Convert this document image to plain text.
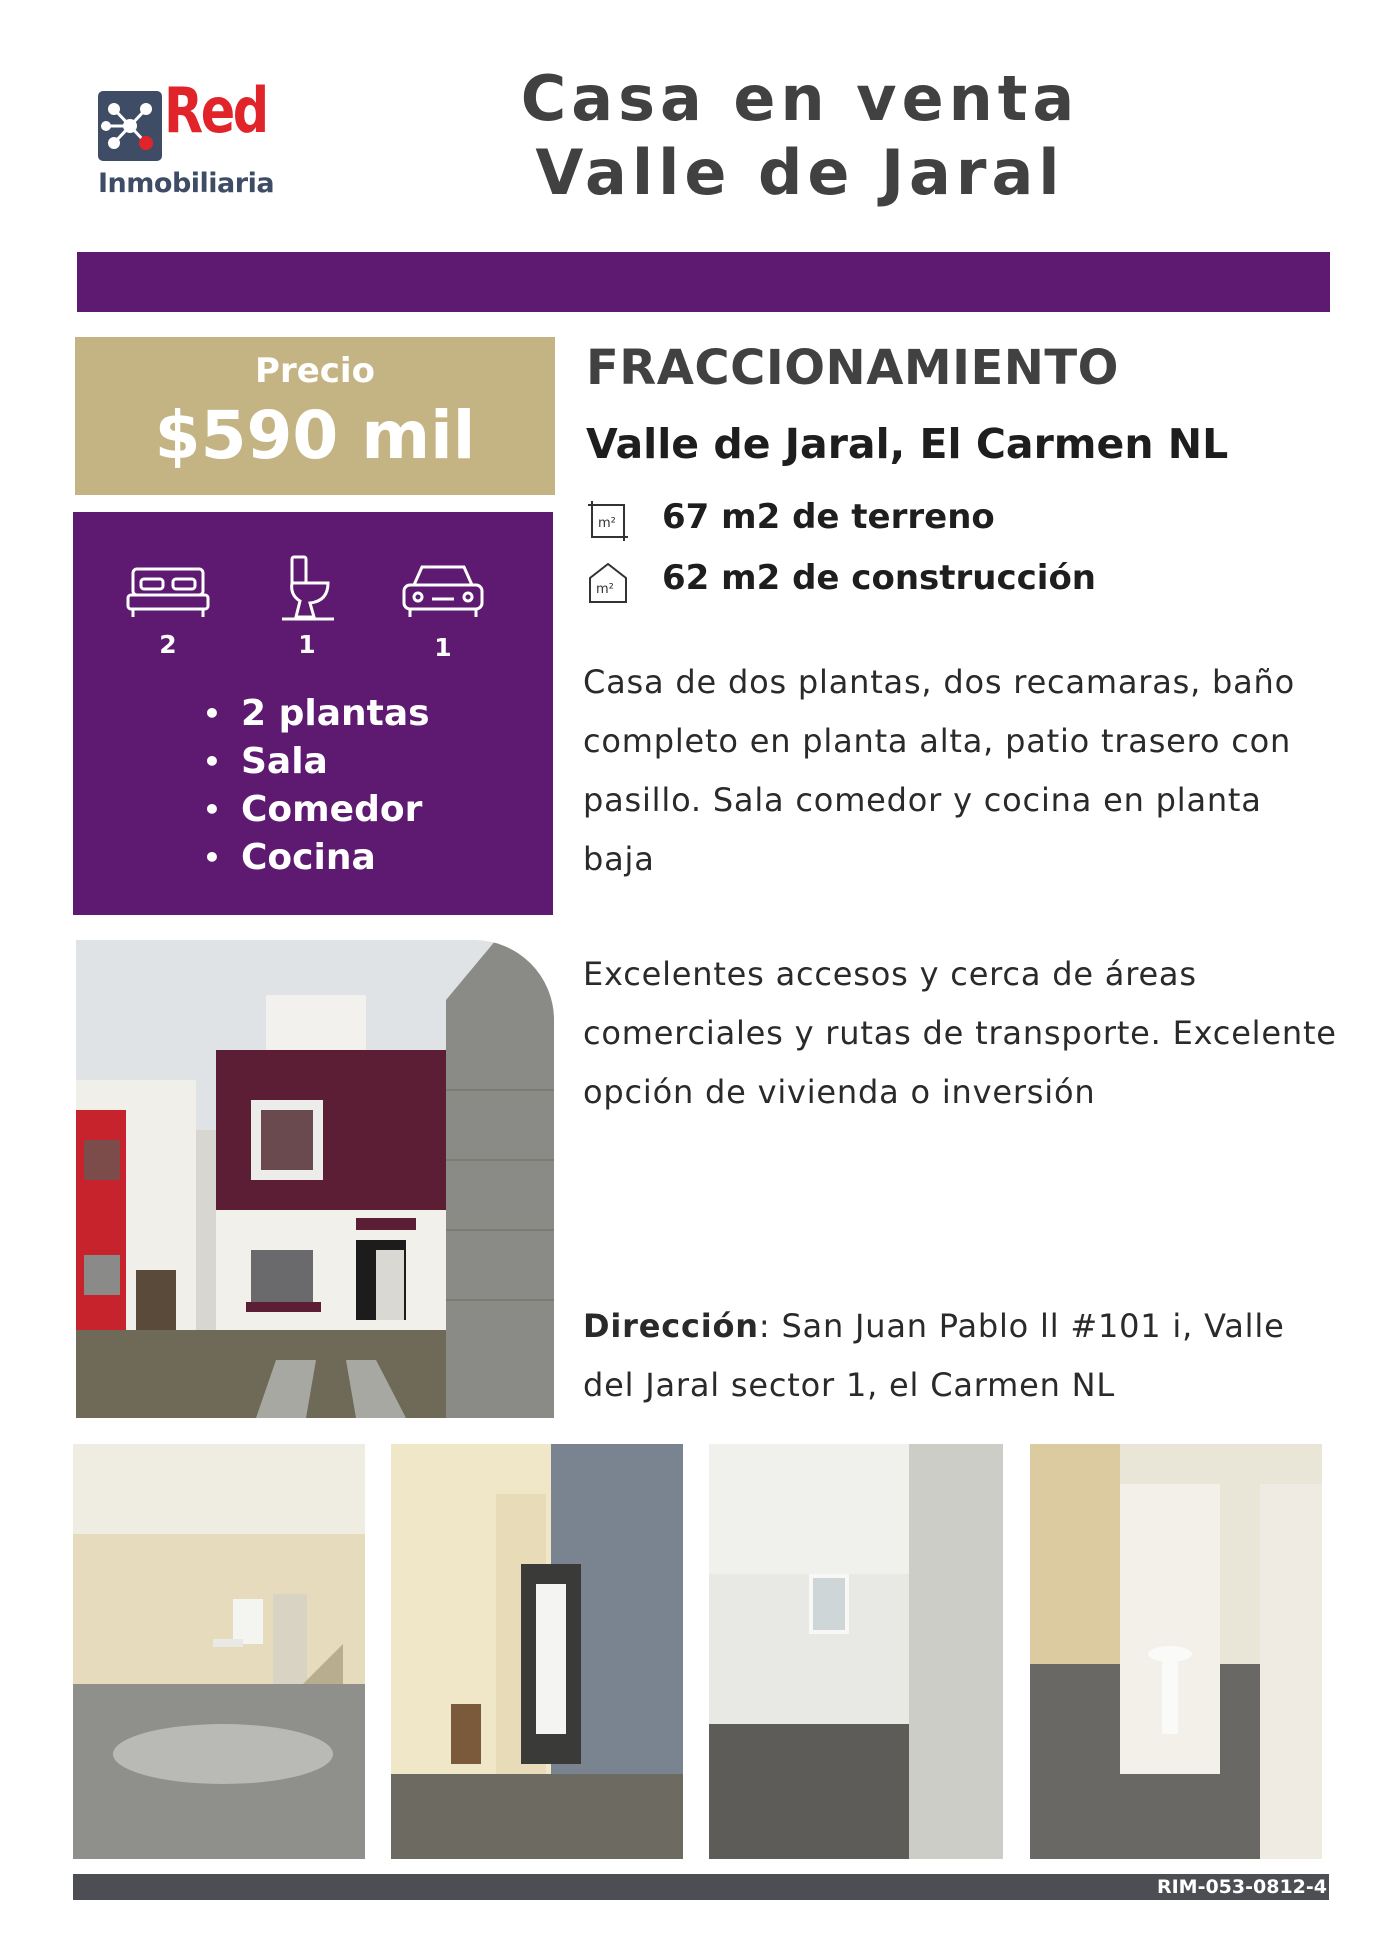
Red
Inmobiliaria
Casa en venta
Valle de Jaral
Precio
$590 mil
2	1	1
• 2 plantas
• Sala
• Comedor
• Cocina
FRACCIONAMIENTO
Valle de Jaral, El Carmen NL
m² 67 m2 de terreno
m² 62 m2 de construcción
Casa de dos plantas, dos recamaras, baño completo en planta alta, patio trasero con pasillo. Sala comedor y cocina en planta baja
Excelentes accesos y cerca de áreas comerciales y rutas de transporte. Excelente opción de vivienda o inversión
Dirección: San Juan Pablo ll #101 i, Valle del Jaral sector 1, el Carmen NL
RIM-053-0812-4
